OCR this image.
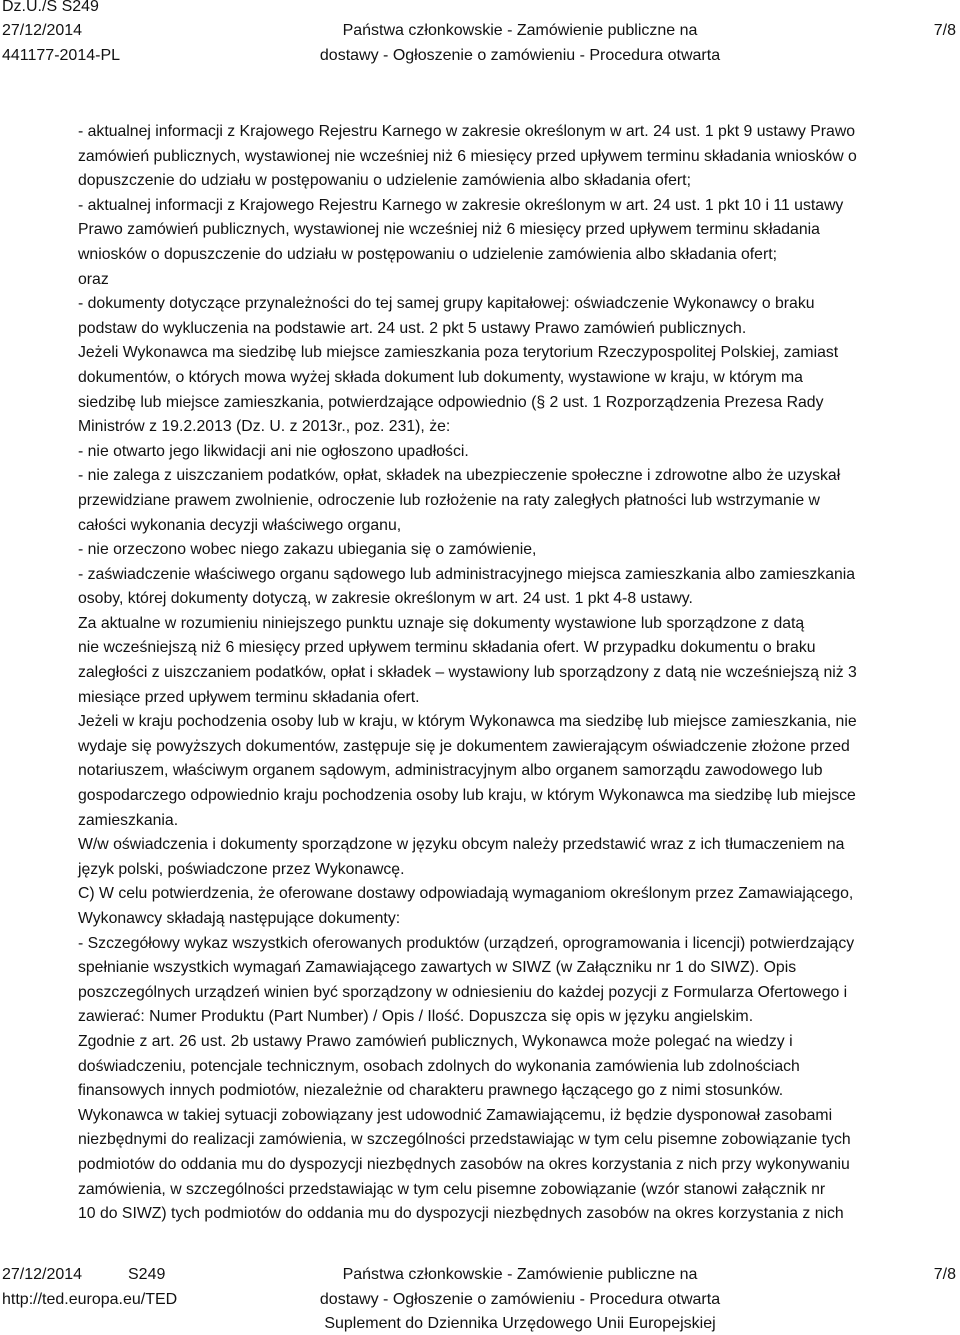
Dz.U./S S249
27/12/2014
441177-2014-PL
Państwa członkowskie - Zamówienie publiczne na
dostawy - Ogłoszenie o zamówieniu - Procedura otwarta
7/8

- aktualnej informacji z Krajowego Rejestru Karnego w zakresie określonym w art. 24 ust. 1 pkt 9 ustawy Prawo

zamówień publicznych, wystawionej nie wcześniej niż 6 miesięcy przed upływem terminu składania wniosków o

dopuszczenie do udziału w postępowaniu o udzielenie zamówienia albo składania ofert;

- aktualnej informacji z Krajowego Rejestru Karnego w zakresie określonym w art. 24 ust. 1 pkt 10 i 11 ustawy

Prawo zamówień publicznych, wystawionej nie wcześniej niż 6 miesięcy przed upływem terminu składania

wniosków o dopuszczenie do udziału w postępowaniu o udzielenie zamówienia albo składania ofert;

oraz

- dokumenty dotyczące przynależności do tej samej grupy kapitałowej: oświadczenie Wykonawcy o braku

podstaw do wykluczenia na podstawie art. 24 ust. 2 pkt 5 ustawy Prawo zamówień publicznych.

Jeżeli Wykonawca ma siedzibę lub miejsce zamieszkania poza terytorium Rzeczypospolitej Polskiej, zamiast

dokumentów, o których mowa wyżej składa dokument lub dokumenty, wystawione w kraju, w którym ma

siedzibę lub miejsce zamieszkania, potwierdzające odpowiednio (§ 2 ust. 1 Rozporządzenia Prezesa Rady

Ministrów z 19.2.2013 (Dz. U. z 2013r., poz. 231), że:

- nie otwarto jego likwidacji ani nie ogłoszono upadłości.

- nie zalega z uiszczaniem podatków, opłat, składek na ubezpieczenie społeczne i zdrowotne albo że uzyskał

przewidziane prawem zwolnienie, odroczenie lub rozłożenie na raty zaległych płatności lub wstrzymanie w

całości wykonania decyzji właściwego organu,

- nie orzeczono wobec niego zakazu ubiegania się o zamówienie,

- zaświadczenie właściwego organu sądowego lub administracyjnego miejsca zamieszkania albo zamieszkania

osoby, której dokumenty dotyczą, w zakresie określonym w art. 24 ust. 1 pkt 4-8 ustawy.

Za aktualne w rozumieniu niniejszego punktu uznaje się dokumenty wystawione lub sporządzone z datą

nie wcześniejszą niż 6 miesięcy przed upływem terminu składania ofert. W przypadku dokumentu o braku

zaległości z uiszczaniem podatków, opłat i składek – wystawiony lub sporządzony z datą nie wcześniejszą niż 3

miesiące przed upływem terminu składania ofert.

Jeżeli w kraju pochodzenia osoby lub w kraju, w którym Wykonawca ma siedzibę lub miejsce zamieszkania, nie

wydaje się powyższych dokumentów, zastępuje się je dokumentem zawierającym oświadczenie złożone przed

notariuszem, właściwym organem sądowym, administracyjnym albo organem samorządu zawodowego lub

gospodarczego odpowiednio kraju pochodzenia osoby lub kraju, w którym Wykonawca ma siedzibę lub miejsce

zamieszkania.

W/w oświadczenia i dokumenty sporządzone w języku obcym należy przedstawić wraz z ich tłumaczeniem na

język polski, poświadczone przez Wykonawcę.

C) W celu potwierdzenia, że oferowane dostawy odpowiadają wymaganiom określonym przez Zamawiającego,

Wykonawcy składają następujące dokumenty:

- Szczegółowy wykaz wszystkich oferowanych produktów (urządzeń, oprogramowania i licencji) potwierdzający

spełnianie wszystkich wymagań Zamawiającego zawartych w SIWZ (w Załączniku nr 1 do SIWZ). Opis

poszczególnych urządzeń winien być sporządzony w odniesieniu do każdej pozycji z Formularza Ofertowego i

zawierać: Numer Produktu (Part Number) / Opis / Ilość. Dopuszcza się opis w języku angielskim.

Zgodnie z art. 26 ust. 2b ustawy Prawo zamówień publicznych, Wykonawca może polegać na wiedzy i

doświadczeniu, potencjale technicznym, osobach zdolnych do wykonania zamówienia lub zdolnościach

finansowych innych podmiotów, niezależnie od charakteru prawnego łączącego go z nimi stosunków.

Wykonawca w takiej sytuacji zobowiązany jest udowodnić Zamawiającemu, iż będzie dysponował zasobami

niezbędnymi do realizacji zamówienia, w szczególności przedstawiając w tym celu pisemne zobowiązanie tych

podmiotów do oddania mu do dyspozycji niezbędnych zasobów na okres korzystania z nich przy wykonywaniu

zamówienia, w szczególności przedstawiając w tym celu pisemne zobowiązanie (wzór stanowi załącznik nr

10 do SIWZ) tych podmiotów do oddania mu do dyspozycji niezbędnych zasobów na okres korzystania z nich

27/12/2014	S249
http://ted.europa.eu/TED
Państwa członkowskie - Zamówienie publiczne na
dostawy - Ogłoszenie o zamówieniu - Procedura otwarta
Suplement do Dziennika Urzędowego Unii Europejskiej
7/8
